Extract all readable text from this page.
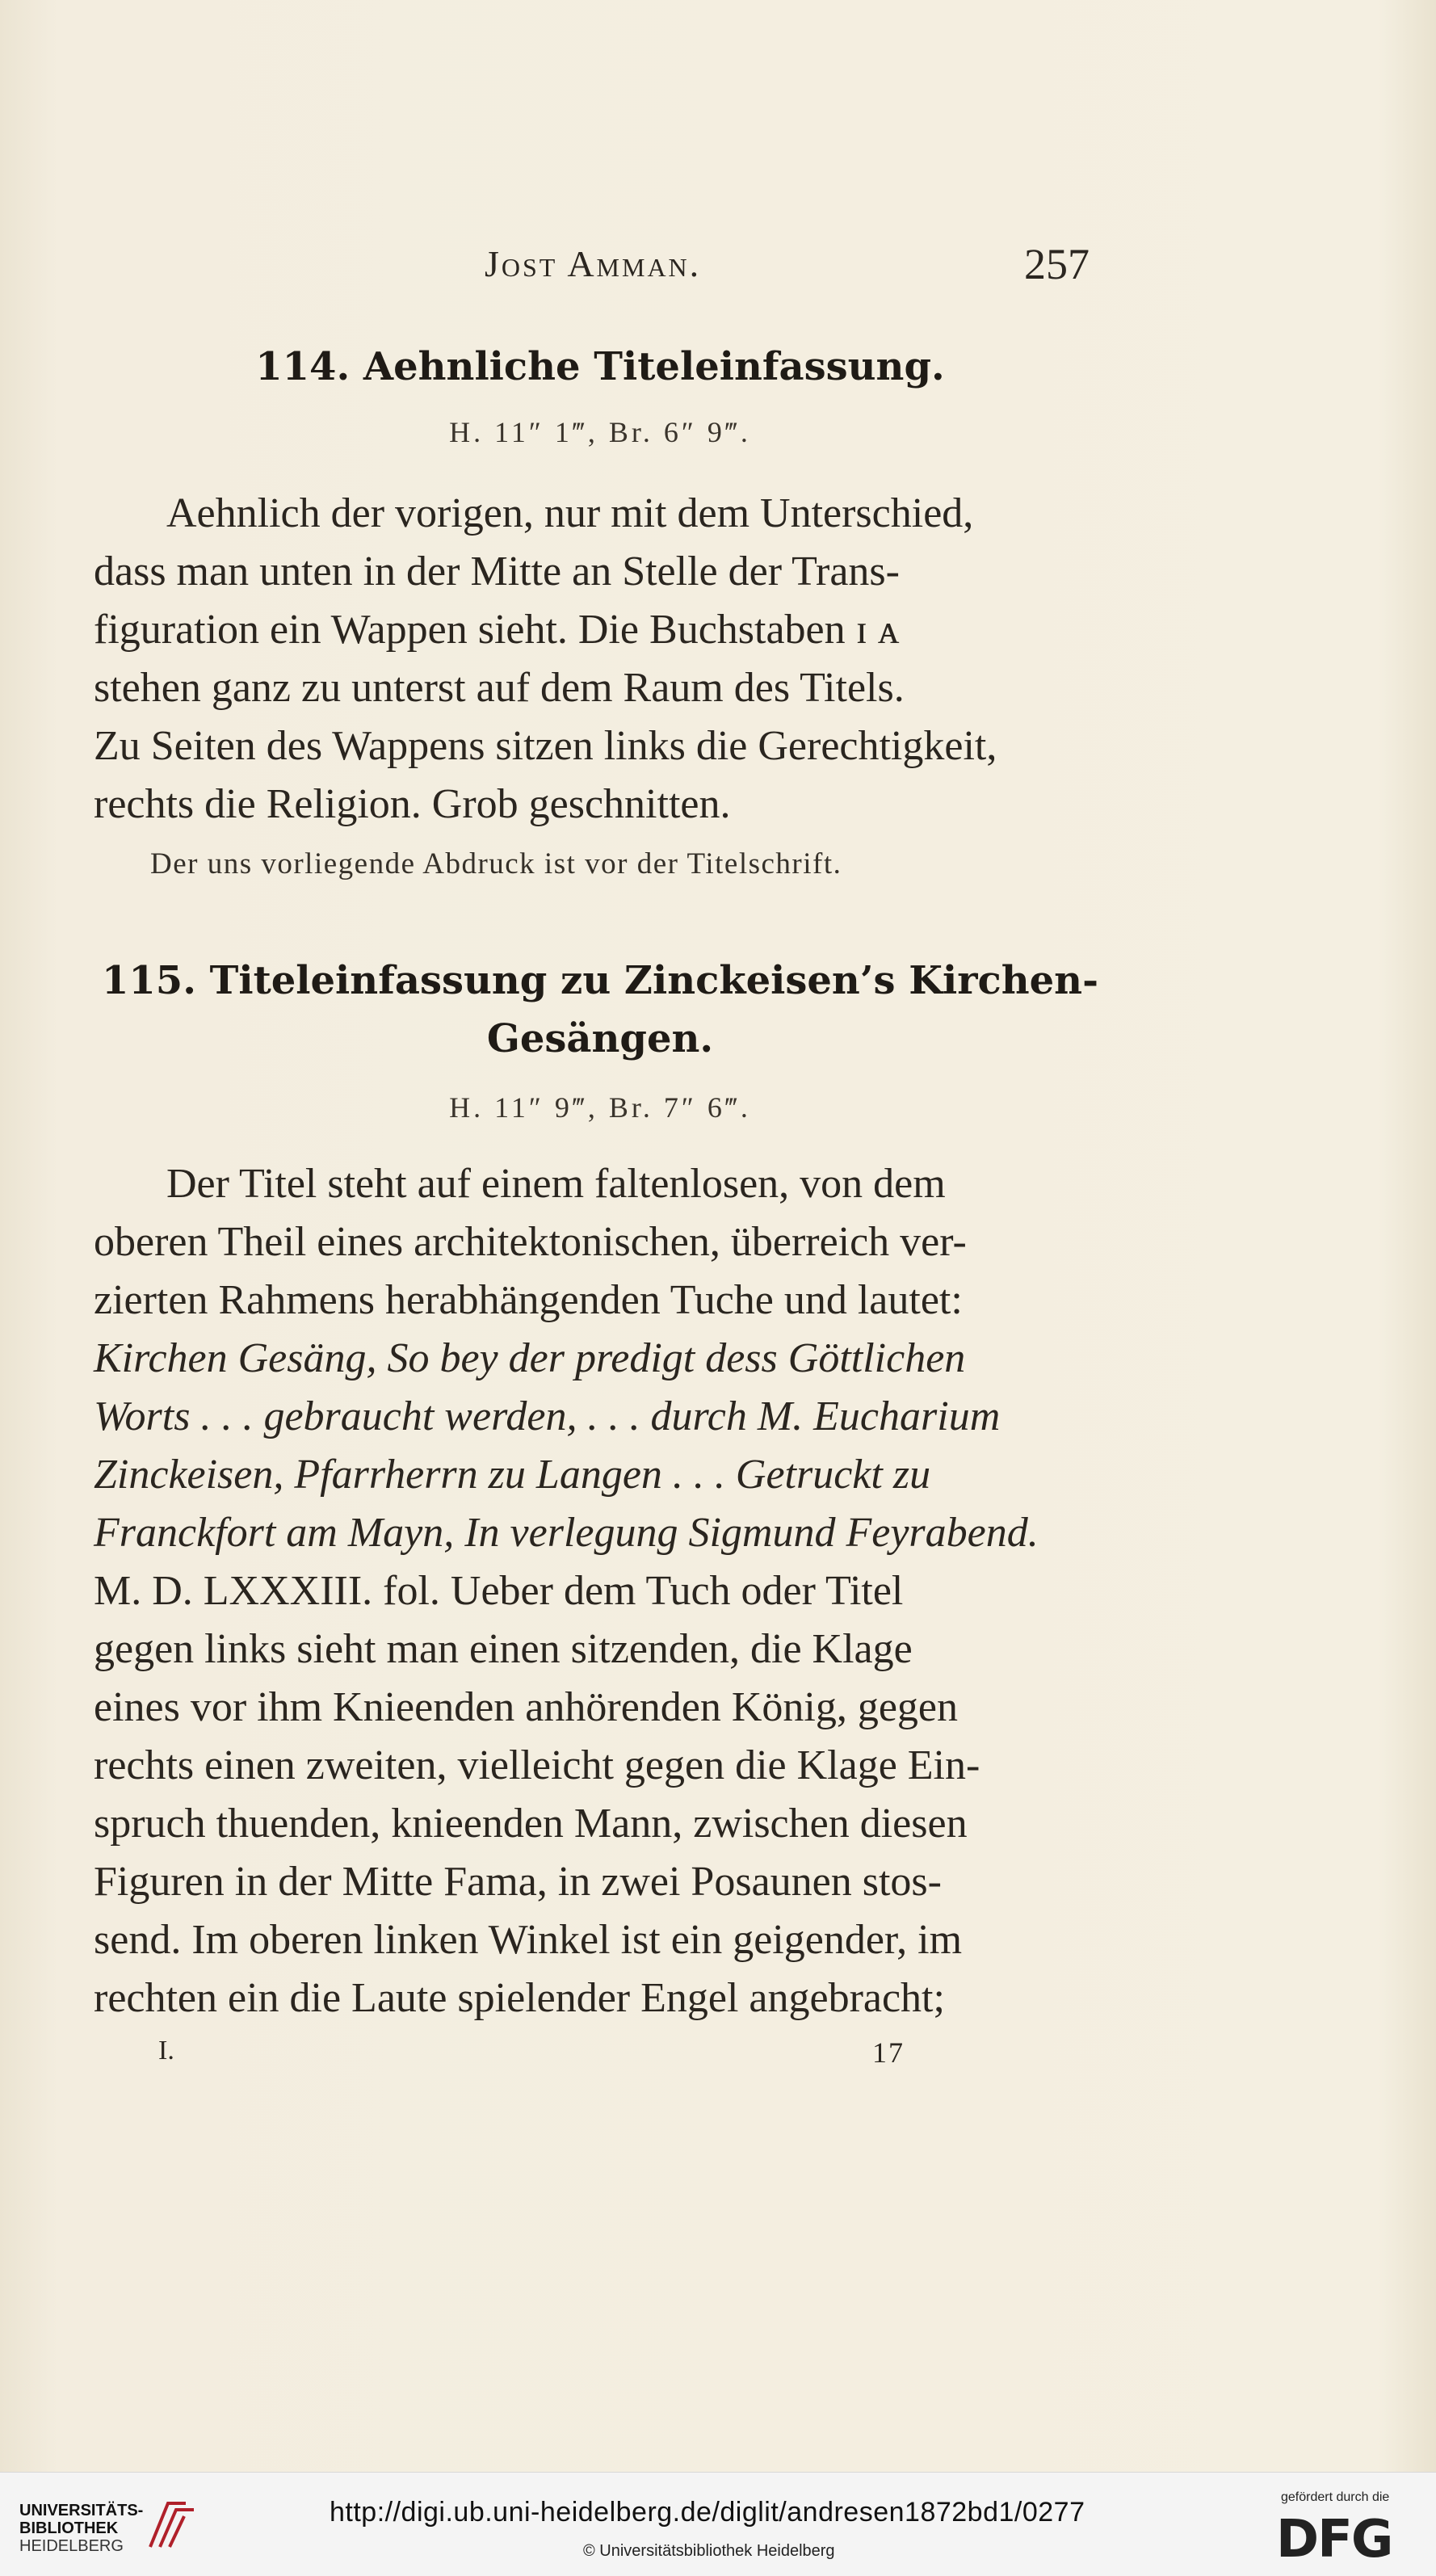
Jost Amman.	257
114. Aehnliche Titeleinfassung.
H. 11″ 1‴, Br. 6″ 9‴.
Aehnlich der vorigen, nur mit dem Unterschied,
dass man unten in der Mitte an Stelle der Trans-
figuration ein Wappen sieht. Die Buchstaben ɪ ᴀ
stehen ganz zu unterst auf dem Raum des Titels.
Zu Seiten des Wappens sitzen links die Gerechtigkeit,
rechts die Religion. Grob geschnitten.
Der uns vorliegende Abdruck ist vor der Titelschrift.
115. Titeleinfassung zu Zinckeisen’s Kirchen-
Gesängen.
H. 11″ 9‴, Br. 7″ 6‴.
Der Titel steht auf einem faltenlosen, von dem
oberen Theil eines architektonischen, überreich ver-
zierten Rahmens herabhängenden Tuche und lautet:
Kirchen Gesäng, So bey der predigt dess Göttlichen
Worts . . . gebraucht werden, . . . durch M. Eucharium
Zinckeisen, Pfarrherrn zu Langen . . . Getruckt zu
Franckfort am Mayn, In verlegung Sigmund Feyrabend.
M. D. LXXXIII. fol. Ueber dem Tuch oder Titel
gegen links sieht man einen sitzenden, die Klage
eines vor ihm Knieenden anhörenden König, gegen
rechts einen zweiten, vielleicht gegen die Klage Ein-
spruch thuenden, knieenden Mann, zwischen diesen
Figuren in der Mitte Fama, in zwei Posaunen stos-
send. Im oberen linken Winkel ist ein geigender, im
rechten ein die Laute spielender Engel angebracht;
I.	17
UNIVERSITÄTS-
BIBLIOTHEK
HEIDELBERG
http://digi.ub.uni-heidelberg.de/diglit/andresen1872bd1/0277
© Universitätsbibliothek Heidelberg
gefördert durch die
DFG
